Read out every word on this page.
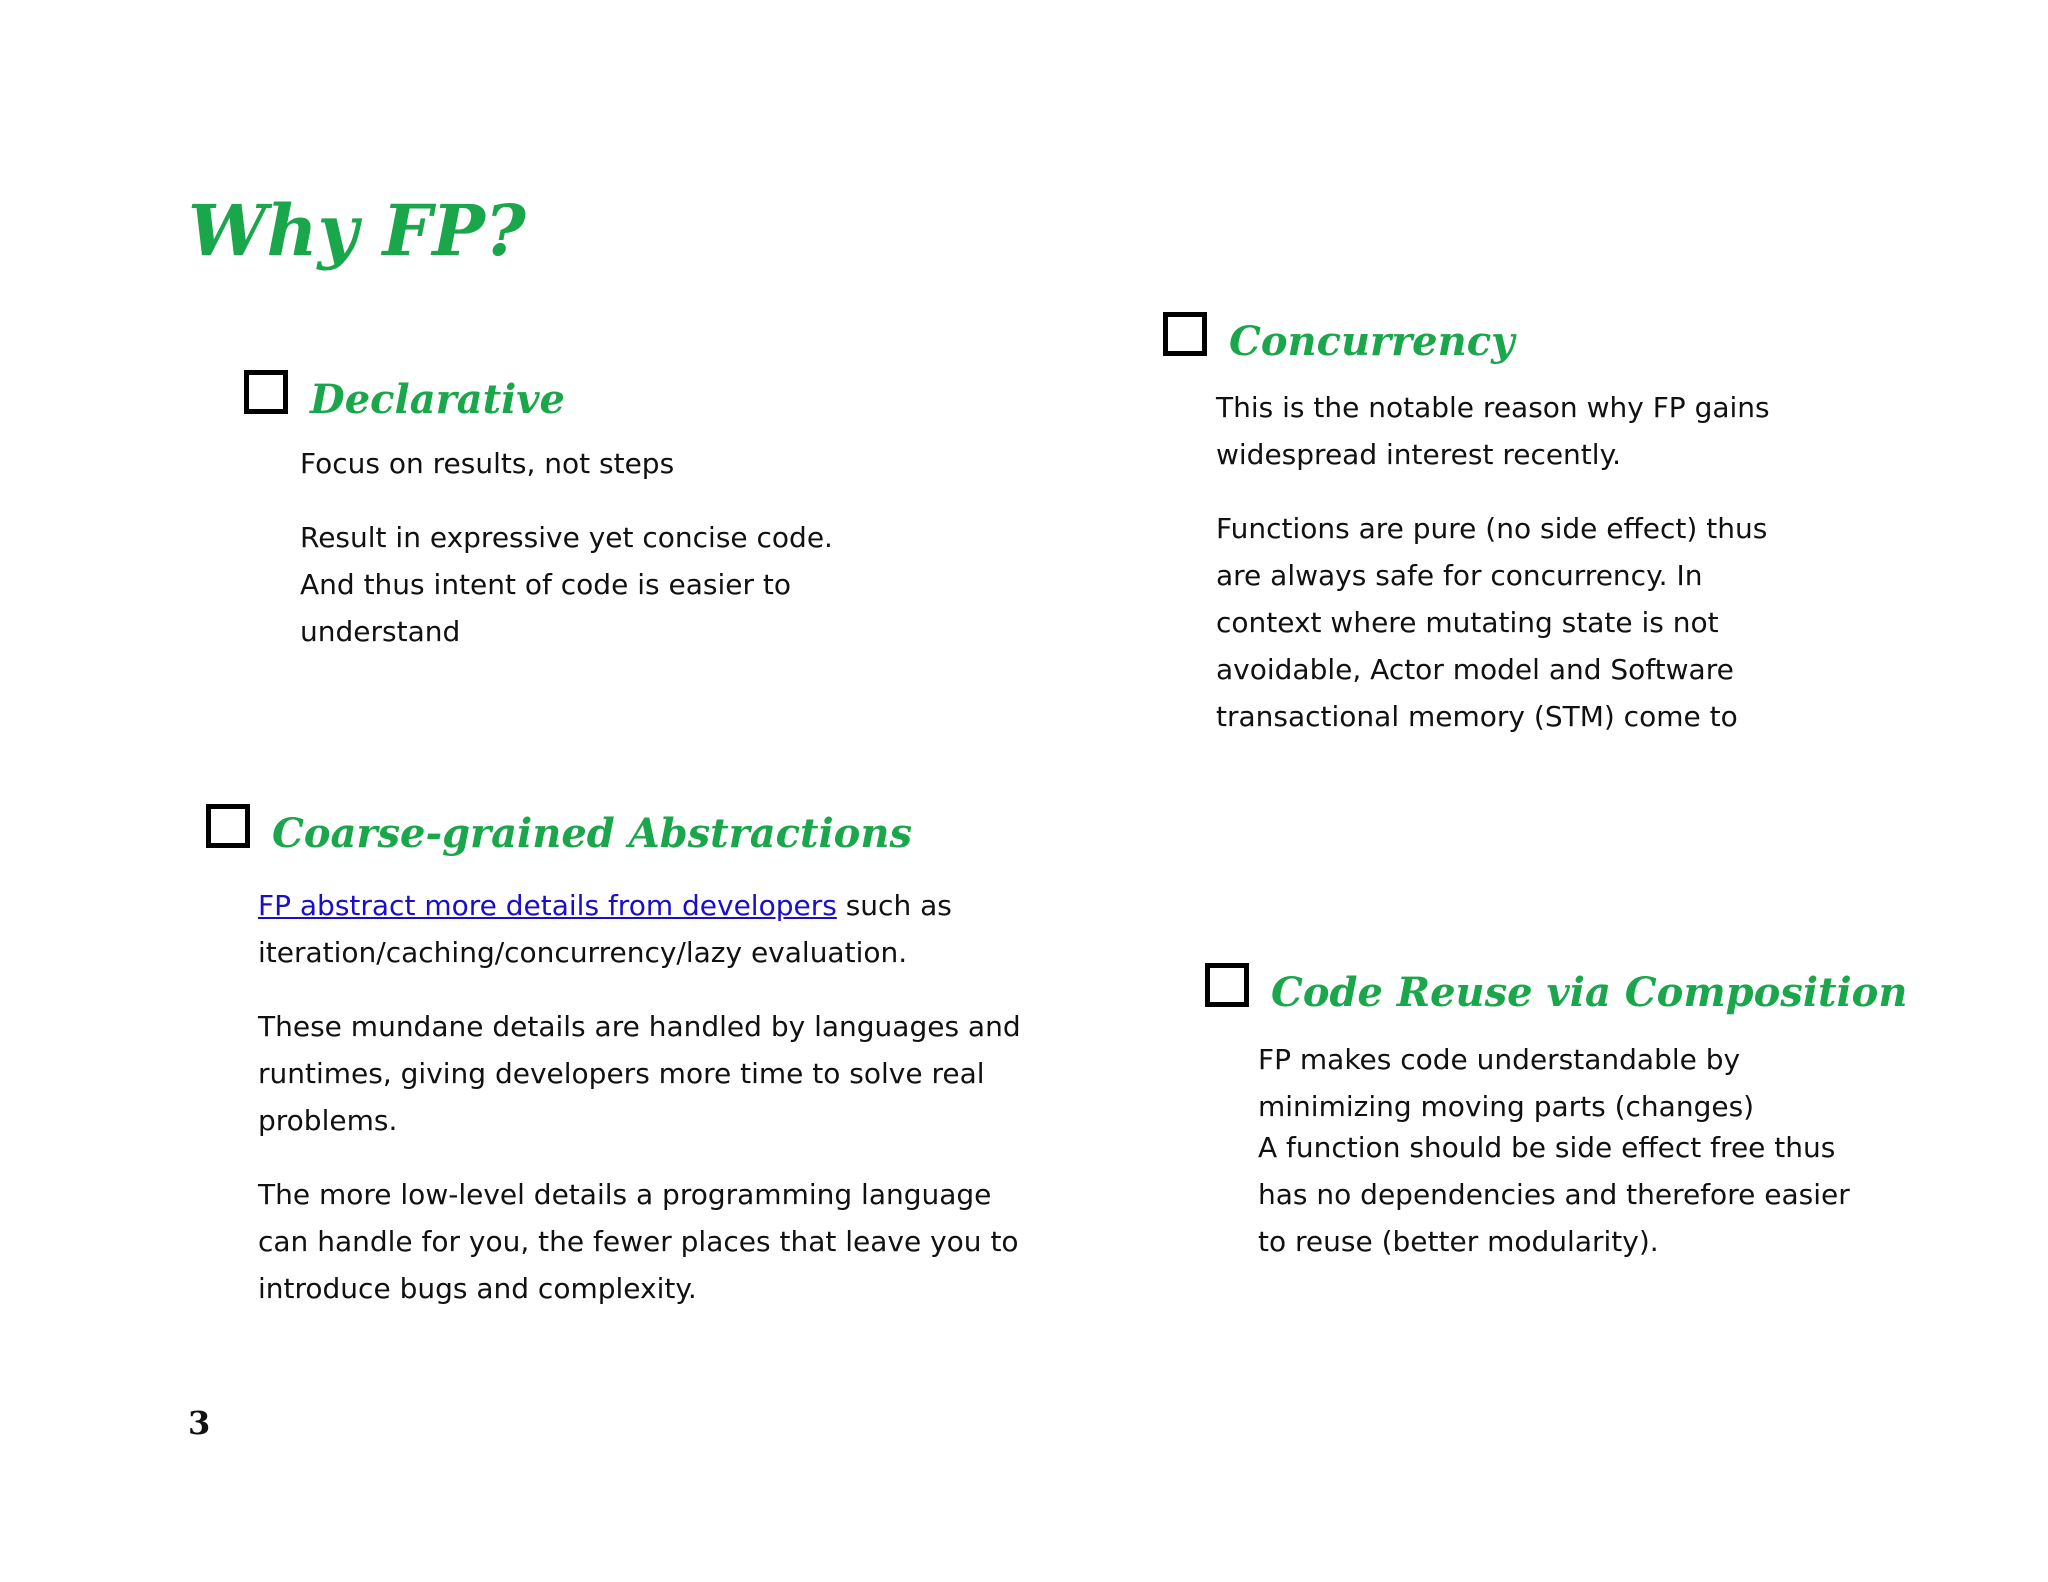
Why FP?
Declarative

Focus on results, not steps

Result in expressive yet concise code.

And thus intent of code is easier to

understand

Coarse-grained Abstractions

FP abstract more details from developers such as

iteration/caching/concurrency/lazy evaluation.

These mundane details are handled by languages and

runtimes, giving developers more time to solve real

problems.

The more low-level details a programming language

can handle for you, the fewer places that leave you to

introduce bugs and complexity.

Concurrency

This is the notable reason why FP gains

widespread interest recently.

Functions are pure (no side effect) thus

are always safe for concurrency. In

context where mutating state is not

avoidable, Actor model and Software

transactional memory (STM) come to

Code Reuse via Composition

FP makes code understandable by

minimizing moving parts (changes)

A function should be side effect free thus

has no dependencies and therefore easier

to reuse (better modularity).

3
